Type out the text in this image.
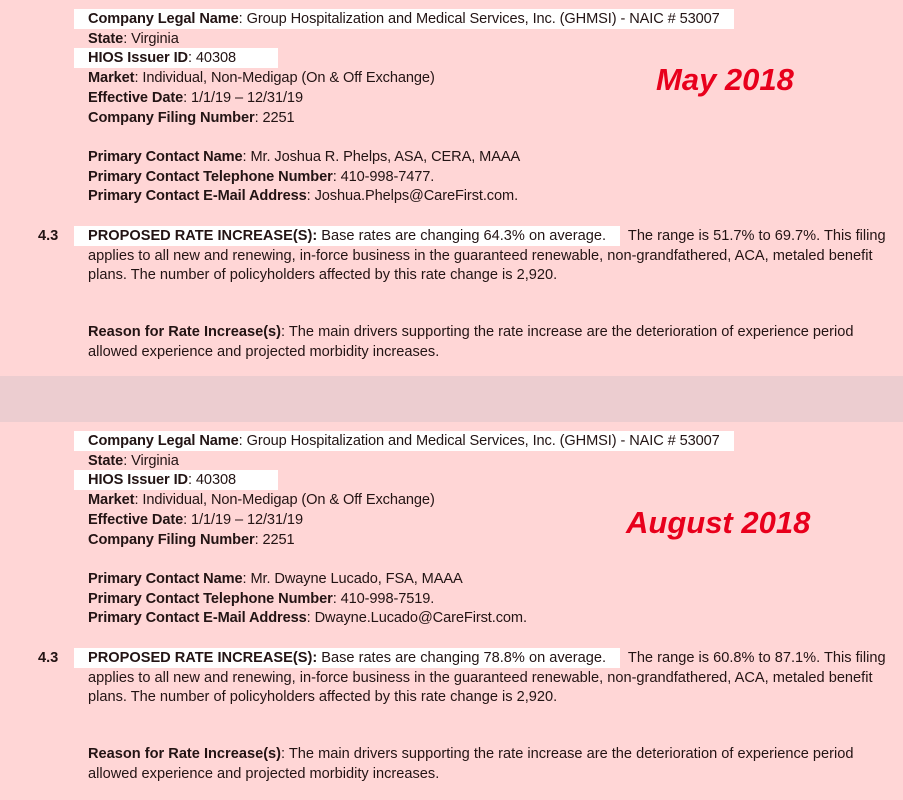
Company Legal Name: Group Hospitalization and Medical Services, Inc. (GHMSI) - NAIC # 53007
State: Virginia
HIOS Issuer ID: 40308
Market: Individual, Non-Medigap (On & Off Exchange)
Effective Date: 1/1/19 – 12/31/19
Company Filing Number: 2251
Primary Contact Name: Mr. Joshua R. Phelps, ASA, CERA, MAAA
Primary Contact Telephone Number: 410-998-7477.
Primary Contact E-Mail Address: Joshua.Phelps@CareFirst.com.
May 2018
4.3 PROPOSED RATE INCREASE(S): Base rates are changing 64.3% on average. The range is 51.7% to 69.7%. This filing applies to all new and renewing, in-force business in the guaranteed renewable, non-grandfathered, ACA, metaled benefit plans. The number of policyholders affected by this rate change is 2,920.
Reason for Rate Increase(s): The main drivers supporting the rate increase are the deterioration of experience period allowed experience and projected morbidity increases.
Company Legal Name: Group Hospitalization and Medical Services, Inc. (GHMSI) - NAIC # 53007
State: Virginia
HIOS Issuer ID: 40308
Market: Individual, Non-Medigap (On & Off Exchange)
Effective Date: 1/1/19 – 12/31/19
Company Filing Number: 2251
Primary Contact Name: Mr. Dwayne Lucado, FSA, MAAA
Primary Contact Telephone Number: 410-998-7519.
Primary Contact E-Mail Address: Dwayne.Lucado@CareFirst.com.
August 2018
4.3 PROPOSED RATE INCREASE(S): Base rates are changing 78.8% on average. The range is 60.8% to 87.1%. This filing applies to all new and renewing, in-force business in the guaranteed renewable, non-grandfathered, ACA, metaled benefit plans. The number of policyholders affected by this rate change is 2,920.
Reason for Rate Increase(s): The main drivers supporting the rate increase are the deterioration of experience period allowed experience and projected morbidity increases.
